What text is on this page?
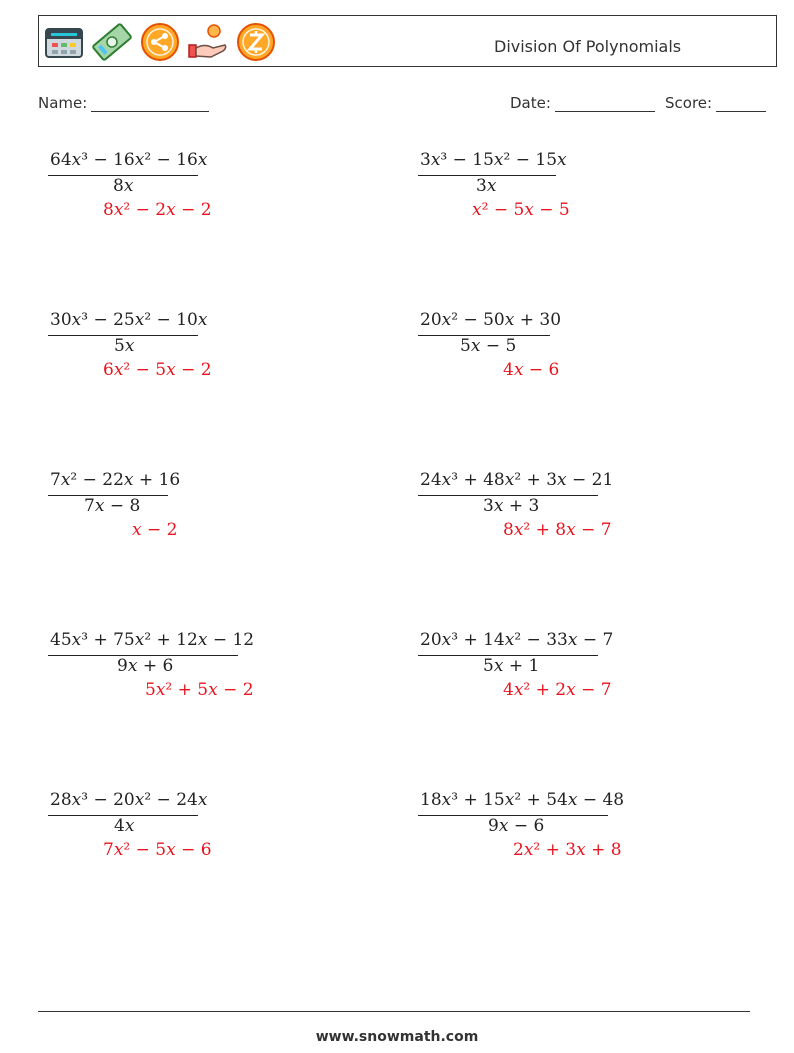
Division Of Polynomials
Name:	Date:	Score:
64x³ − 16x² − 16x
8x
8x² − 2x − 2
3x³ − 15x² − 15x
3x
x² − 5x − 5
30x³ − 25x² − 10x
5x
6x² − 5x − 2
20x² − 50x + 30
5x − 5
4x − 6
7x² − 22x + 16
7x − 8
x − 2
24x³ + 48x² + 3x − 21
3x + 3
8x² + 8x − 7
45x³ + 75x² + 12x − 12
9x + 6
5x² + 5x − 2
20x³ + 14x² − 33x − 7
5x + 1
4x² + 2x − 7
28x³ − 20x² − 24x
4x
7x² − 5x − 6
18x³ + 15x² + 54x − 48
9x − 6
2x² + 3x + 8
www.snowmath.com
